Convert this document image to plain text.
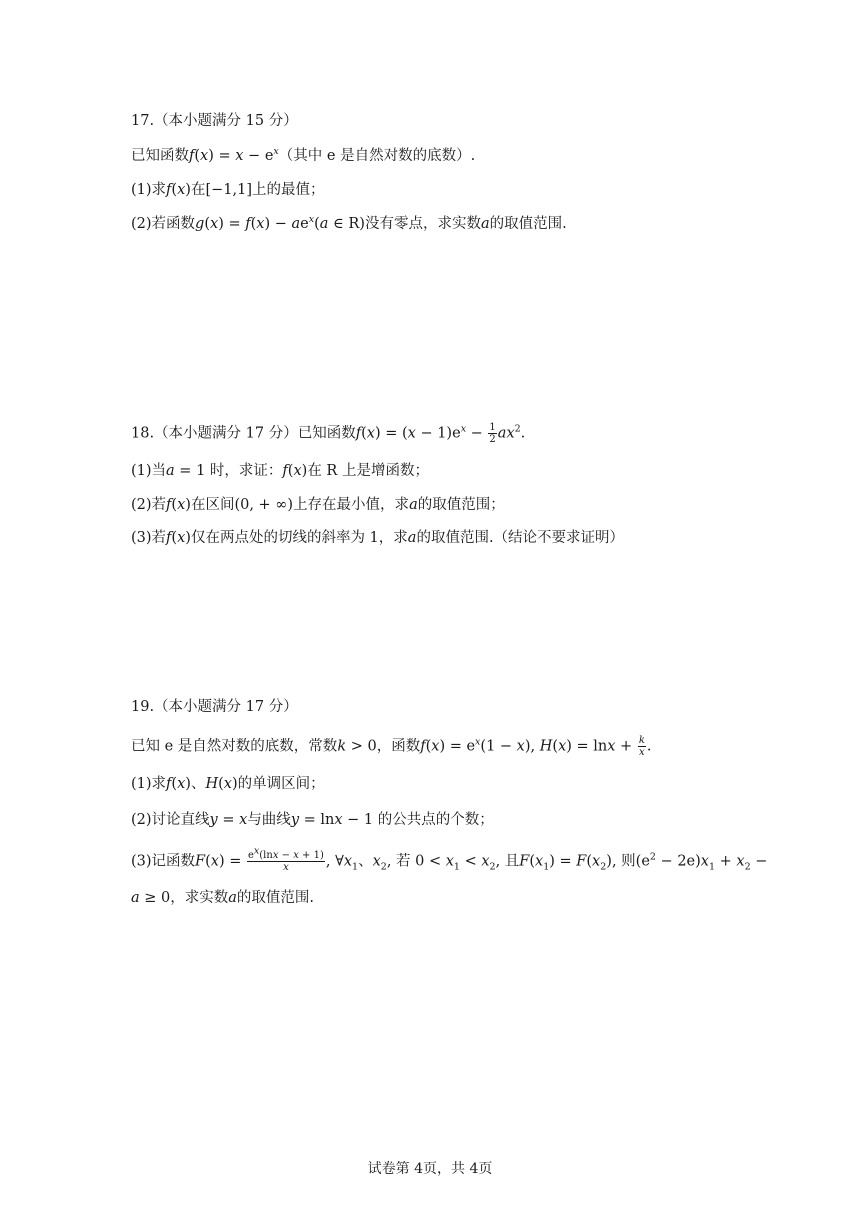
17.（本小题满分 15 分）
已知函数$f(x) = x - e^x$（其中 e 是自然对数的底数）.
(1)求f(x)在[−1,1]上的最值；
(2)若函数$g(x) = f(x) - ae^x(a$ ∈ R)没有零点，求实数a的取值范围.
18.（本小题满分 17 分）已知函数$f(x) = (x - 1)e^x - \frac{1}{2} ax^2$.
(1)当a = 1 时，求证：f(x)在 R 上是增函数；
(2)若f(x)在区间(0, + ∞)上存在最小值，求a的取值范围；
(3)若f(x)仅在两点处的切线的斜率为 1，求a的取值范围.（结论不要求证明）
19.（本小题满分 17 分）
已知 e 是自然对数的底数，常数k > 0，函数$f(x) = e^x(1 - x)$, $H(x) = \ln x + \frac{k}{x}$ .
(1)求f(x)、H(x)的单调区间；
(2)讨论直线y = x与曲线y = lnx − 1 的公共点的个数；
(3)记函数$F(x) = \frac{e^x(\ln x - x + 1)}{x}$ , $\forall x_1$、$x_2$, 若 $0 < x_1 < x_2$, 且$F(x_1) = F(x_2)$, 则$(e^2 - 2e)x_1 + x_2$ −
a ≥ 0，求实数a的取值范围.
试卷第 4页，共 4页
